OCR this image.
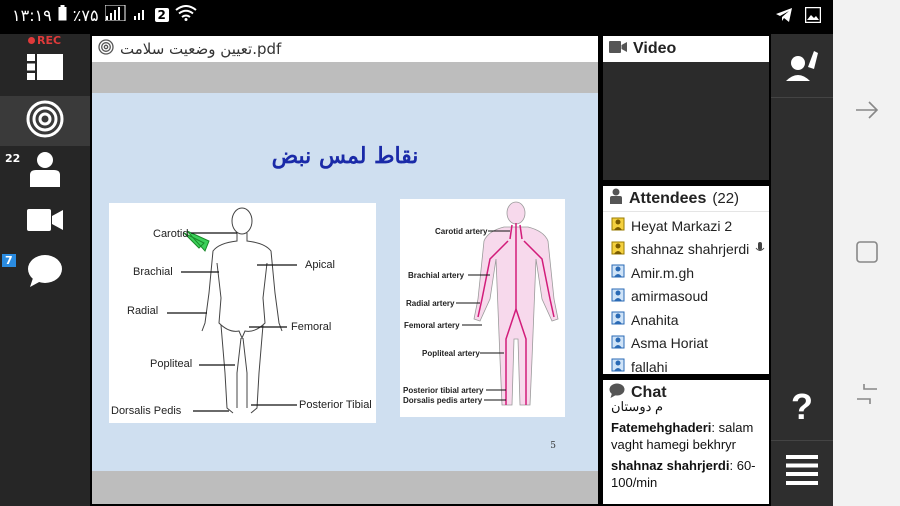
۱۳:۱۹ ٪۷۵	2
REC
22
7
تعیین وضعیت سلامت.pdf
نقاط لمس نبض
Carotid
Brachial
Apical
Radial
Femoral
Popliteal
Posterior Tibial
Dorsalis Pedis
Carotid artery
Brachial artery
Radial artery
Femoral artery
Popliteal artery
Posterior tibial artery
Dorsalis pedis artery
5
Video
Attendees (22)
Heyat Markazi 2
shahnaz shahrjerdi
Amir.m.gh
amirmasoud
Anahita
Asma Horiat
fallahi
Chat
م دوستان
Fatemehghaderi: salam vaght hamegi bekhryr
shahnaz shahrjerdi: 60-100/min
?
